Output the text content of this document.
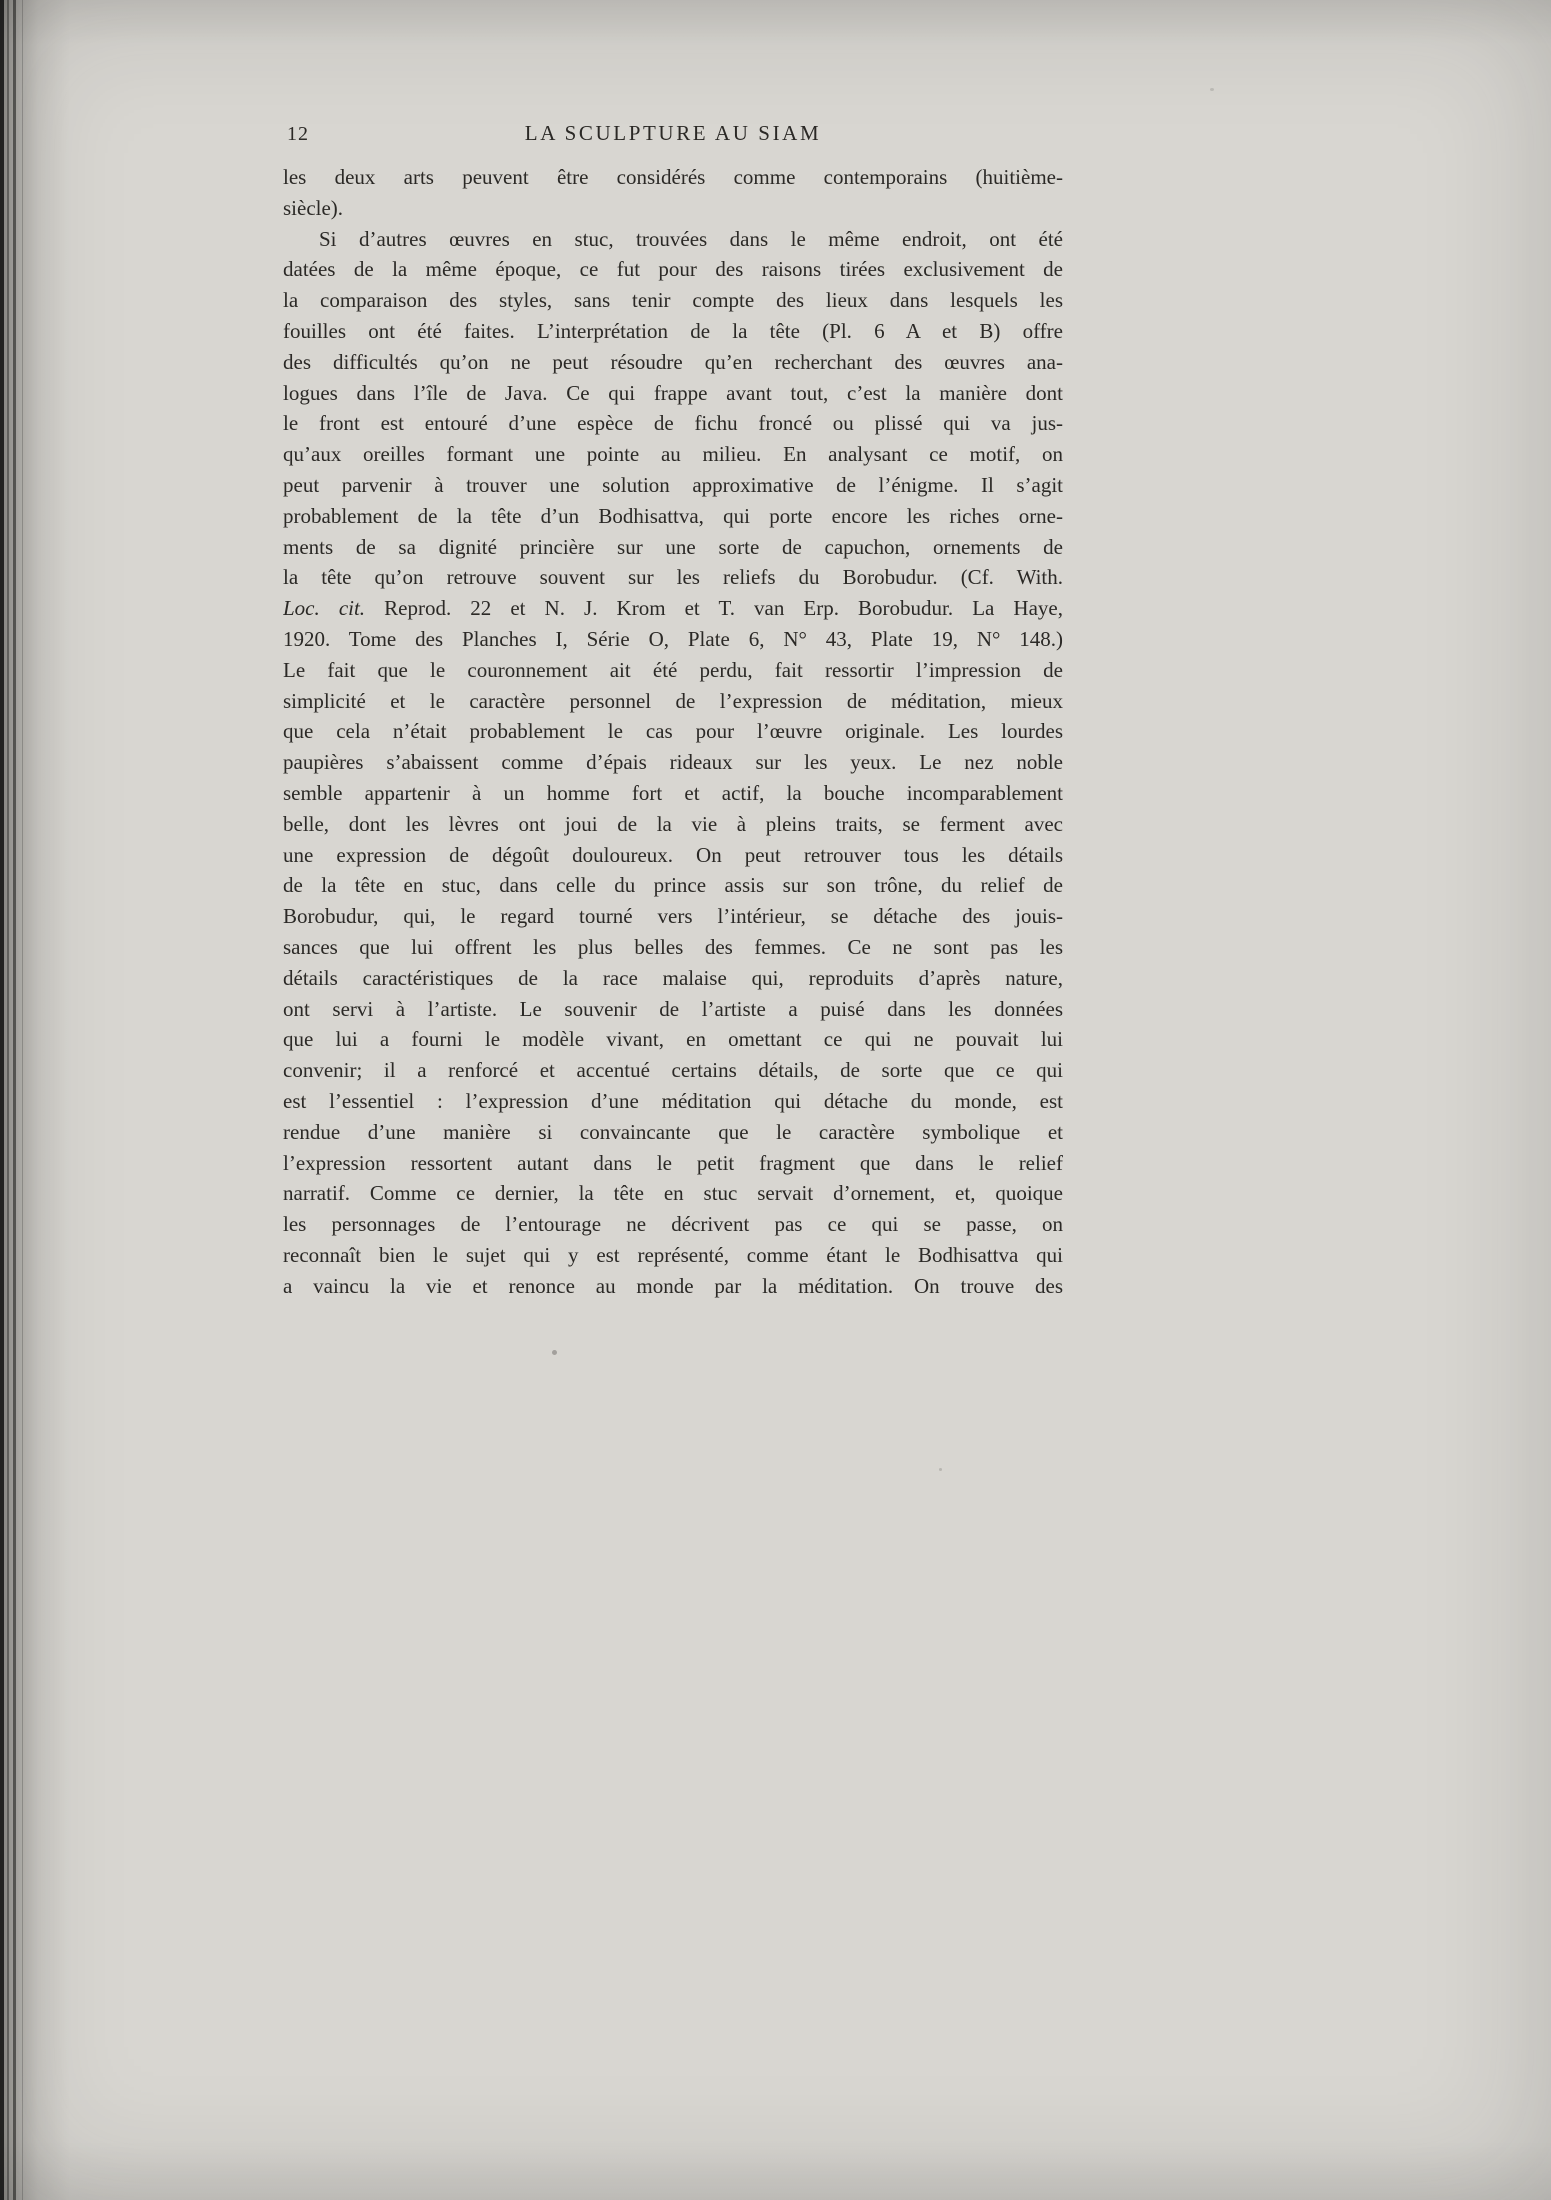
12	LA SCULPTURE AU SIAM
les deux arts peuvent être considérés comme contemporains (huitième-
siècle).
Si d’autres œuvres en stuc, trouvées dans le même endroit, ont été
datées de la même époque, ce fut pour des raisons tirées exclusivement de
la comparaison des styles, sans tenir compte des lieux dans lesquels les
fouilles ont été faites. L’interprétation de la tête (Pl. 6 A et B) offre
des difficultés qu’on ne peut résoudre qu’en recherchant des œuvres ana-
logues dans l’île de Java. Ce qui frappe avant tout, c’est la manière dont
le front est entouré d’une espèce de fichu froncé ou plissé qui va jus-
qu’aux oreilles formant une pointe au milieu. En analysant ce motif, on
peut parvenir à trouver une solution approximative de l’énigme. Il s’agit
probablement de la tête d’un Bodhisattva, qui porte encore les riches orne-
ments de sa dignité princière sur une sorte de capuchon, ornements de
la tête qu’on retrouve souvent sur les reliefs du Borobudur. (Cf. With.
Loc. cit. Reprod. 22 et N. J. Krom et T. van Erp. Borobudur. La Haye,
1920. Tome des Planches I, Série O, Plate 6, N° 43, Plate 19, N° 148.)
Le fait que le couronnement ait été perdu, fait ressortir l’impression de
simplicité et le caractère personnel de l’expression de méditation, mieux
que cela n’était probablement le cas pour l’œuvre originale. Les lourdes
paupières s’abaissent comme d’épais rideaux sur les yeux. Le nez noble
semble appartenir à un homme fort et actif, la bouche incomparablement
belle, dont les lèvres ont joui de la vie à pleins traits, se ferment avec
une expression de dégoût douloureux. On peut retrouver tous les détails
de la tête en stuc, dans celle du prince assis sur son trône, du relief de
Borobudur, qui, le regard tourné vers l’intérieur, se détache des jouis-
sances que lui offrent les plus belles des femmes. Ce ne sont pas les
détails caractéristiques de la race malaise qui, reproduits d’après nature,
ont servi à l’artiste. Le souvenir de l’artiste a puisé dans les données
que lui a fourni le modèle vivant, en omettant ce qui ne pouvait lui
convenir; il a renforcé et accentué certains détails, de sorte que ce qui
est l’essentiel : l’expression d’une méditation qui détache du monde, est
rendue d’une manière si convaincante que le caractère symbolique et
l’expression ressortent autant dans le petit fragment que dans le relief
narratif. Comme ce dernier, la tête en stuc servait d’ornement, et, quoique
les personnages de l’entourage ne décrivent pas ce qui se passe, on
reconnaît bien le sujet qui y est représenté, comme étant le Bodhisattva qui
a vaincu la vie et renonce au monde par la méditation. On trouve des
